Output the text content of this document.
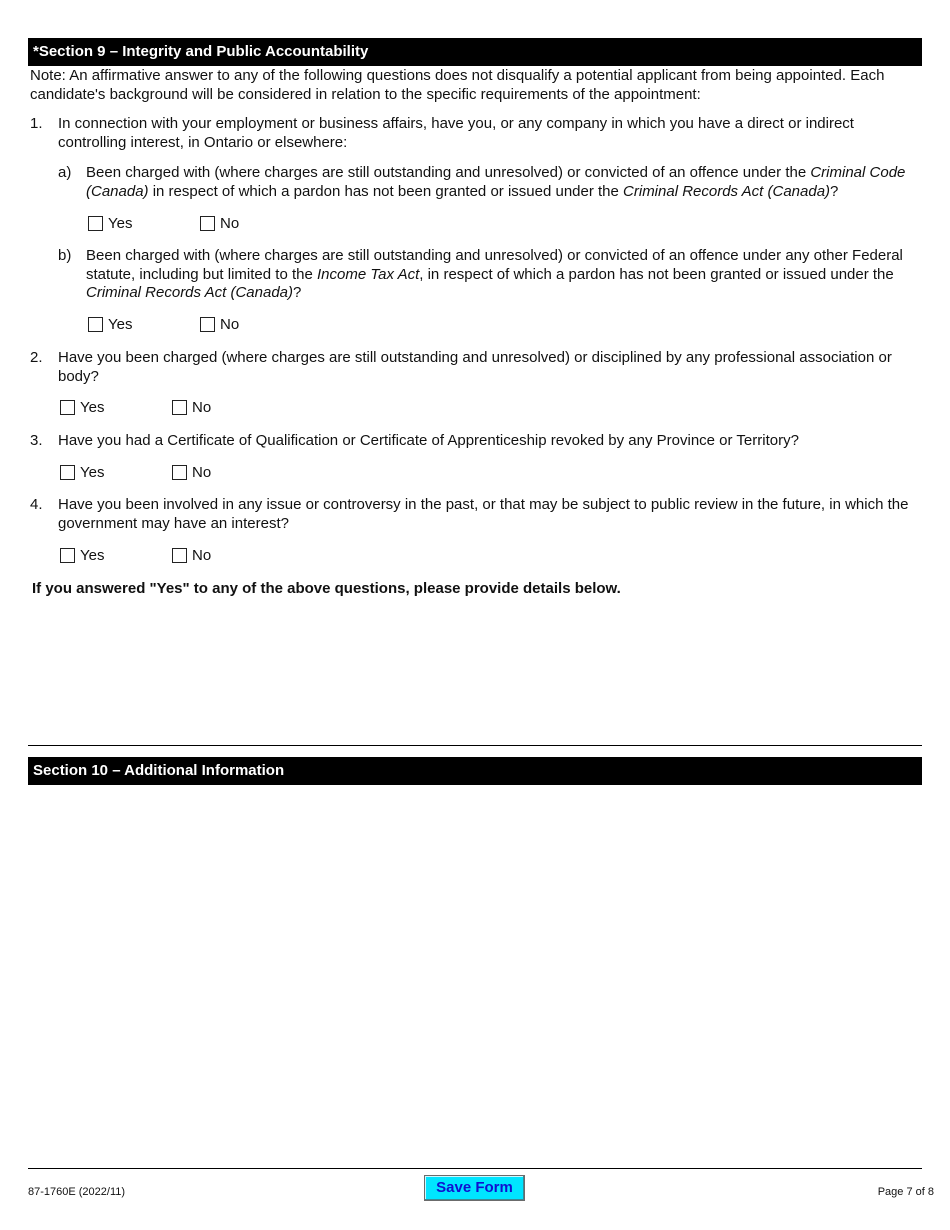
*Section 9 – Integrity and Public Accountability
Note: An affirmative answer to any of the following questions does not disqualify a potential applicant from being appointed. Each candidate's background will be considered in relation to the specific requirements of the appointment:
1. In connection with your employment or business affairs, have you, or any company in which you have a direct or indirect controlling interest, in Ontario or elsewhere:
a) Been charged with (where charges are still outstanding and unresolved) or convicted of an offence under the Criminal Code (Canada) in respect of which a pardon has not been granted or issued under the Criminal Records Act (Canada)?
Yes	No
b) Been charged with (where charges are still outstanding and unresolved) or convicted of an offence under any other Federal statute, including but limited to the Income Tax Act, in respect of which a pardon has not been granted or issued under the Criminal Records Act (Canada)?
Yes	No
2. Have you been charged (where charges are still outstanding and unresolved) or disciplined by any professional association or body?
Yes	No
3. Have you had a Certificate of Qualification or Certificate of Apprenticeship revoked by any Province or Territory?
Yes	No
4. Have you been involved in any issue or controversy in the past, or that may be subject to public review in the future, in which the government may have an interest?
Yes	No
If you answered "Yes" to any of the above questions, please provide details below.
Section 10 – Additional Information
87-1760E (2022/11)	Save Form	Page 7 of 8
